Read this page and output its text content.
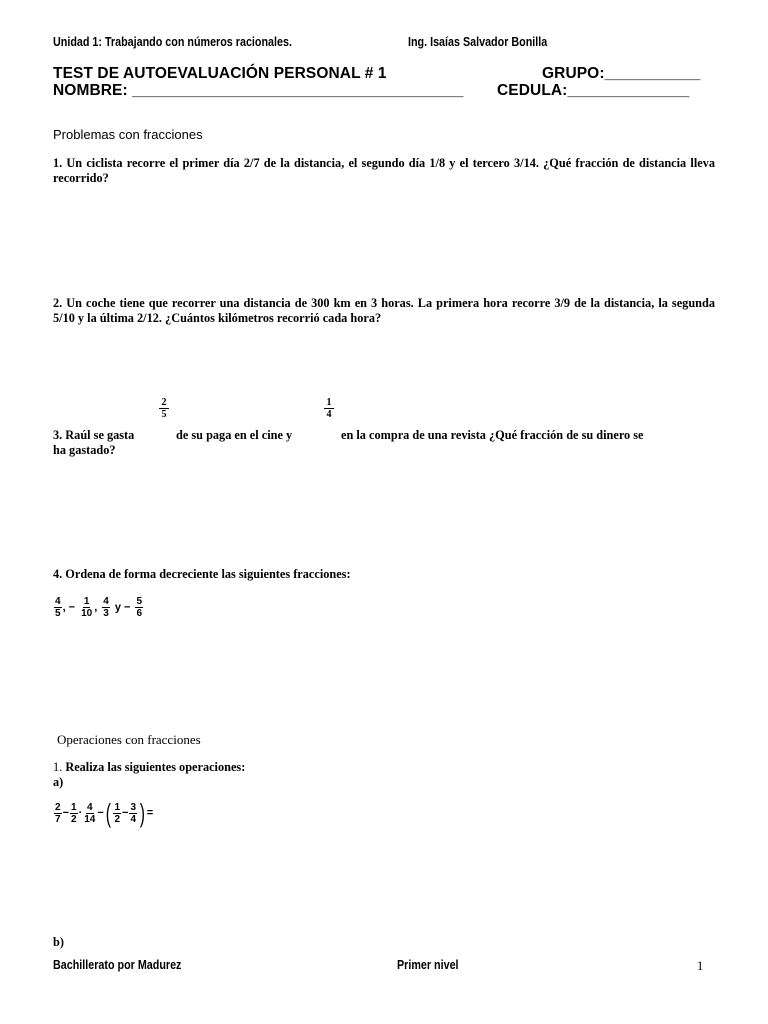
Unidad 1: Trabajando con números racionales.	Ing. Isaías Salvador Bonilla
TEST DE AUTOEVALUACIÓN PERSONAL # 1	GRUPO:___________
NOMBRE: ______________________________________ CEDULA:______________
Problemas con fracciones
1. Un ciclista recorre el primer día 2/7 de la distancia, el segundo día 1/8 y el tercero 3/14. ¿Qué fracción de distancia lleva recorrido?
2. Un coche tiene que recorrer una distancia de 300 km en 3 horas. La primera hora recorre 3/9 de la distancia, la segunda 5/10 y la última 2/12. ¿Cuántos kilómetros recorrió cada hora?
$\frac{2}{5}$	$\frac{1}{4}$
3. Raúl se gasta	de su paga en el cine y	en la compra de una revista ¿Qué fracción de su dinero se
ha gastado?
4. Ordena de forma decreciente las siguientes fracciones:
$\frac{4}{5}$ , − $\frac{1}{10}$ , $\frac{4}{3}$ $y - \frac{5}{6}$
Operaciones con fracciones
1. Realiza las siguientes operaciones:
a)
$\frac{2}{7} - \frac{1}{2} \cdot \frac{4}{14}$ −( $\frac{1}{2} - \frac{3}{4}$ ) =
b)
Bachillerato por Madurez	Primer nivel	1
